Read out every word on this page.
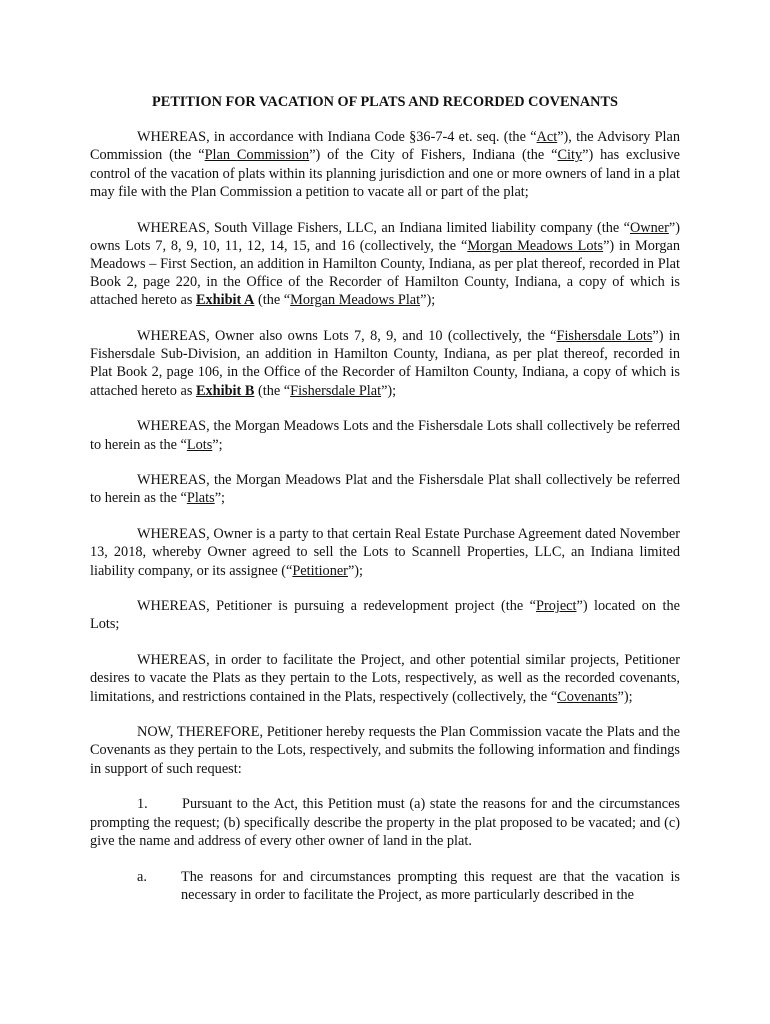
PETITION FOR VACATION OF PLATS AND RECORDED COVENANTS

WHEREAS, in accordance with Indiana Code §36-7-4 et. seq. (the “Act”), the Advisory Plan Commission (the “Plan Commission”) of the City of Fishers, Indiana (the “City”) has exclusive control of the vacation of plats within its planning jurisdiction and one or more owners of land in a plat may file with the Plan Commission a petition to vacate all or part of the plat;

WHEREAS, South Village Fishers, LLC, an Indiana limited liability company (the “Owner”) owns Lots 7, 8, 9, 10, 11, 12, 14, 15, and 16 (collectively, the “Morgan Meadows Lots”) in Morgan Meadows – First Section, an addition in Hamilton County, Indiana, as per plat thereof, recorded in Plat Book 2, page 220, in the Office of the Recorder of Hamilton County, Indiana, a copy of which is attached hereto as Exhibit A (the “Morgan Meadows Plat”);

WHEREAS, Owner also owns Lots 7, 8, 9, and 10 (collectively, the “Fishersdale Lots”) in Fishersdale Sub-Division, an addition in Hamilton County, Indiana, as per plat thereof, recorded in Plat Book 2, page 106, in the Office of the Recorder of Hamilton County, Indiana, a copy of which is attached hereto as Exhibit B (the “Fishersdale Plat”);

WHEREAS, the Morgan Meadows Lots and the Fishersdale Lots shall collectively be referred to herein as the “Lots”;

WHEREAS, the Morgan Meadows Plat and the Fishersdale Plat shall collectively be referred to herein as the “Plats”;

WHEREAS, Owner is a party to that certain Real Estate Purchase Agreement dated November 13, 2018, whereby Owner agreed to sell the Lots to Scannell Properties, LLC, an Indiana limited liability company, or its assignee (“Petitioner”);

WHEREAS, Petitioner is pursuing a redevelopment project (the “Project”) located on the Lots;

WHEREAS, in order to facilitate the Project, and other potential similar projects, Petitioner desires to vacate the Plats as they pertain to the Lots, respectively, as well as the recorded covenants, limitations, and restrictions contained in the Plats, respectively (collectively, the “Covenants”);

NOW, THEREFORE, Petitioner hereby requests the Plan Commission vacate the Plats and the Covenants as they pertain to the Lots, respectively, and submits the following information and findings in support of such request:

1. Pursuant to the Act, this Petition must (a) state the reasons for and the circumstances prompting the request; (b) specifically describe the property in the plat proposed to be vacated; and (c) give the name and address of every other owner of land in the plat.

a. The reasons for and circumstances prompting this request are that the vacation is necessary in order to facilitate the Project, as more particularly described in the
